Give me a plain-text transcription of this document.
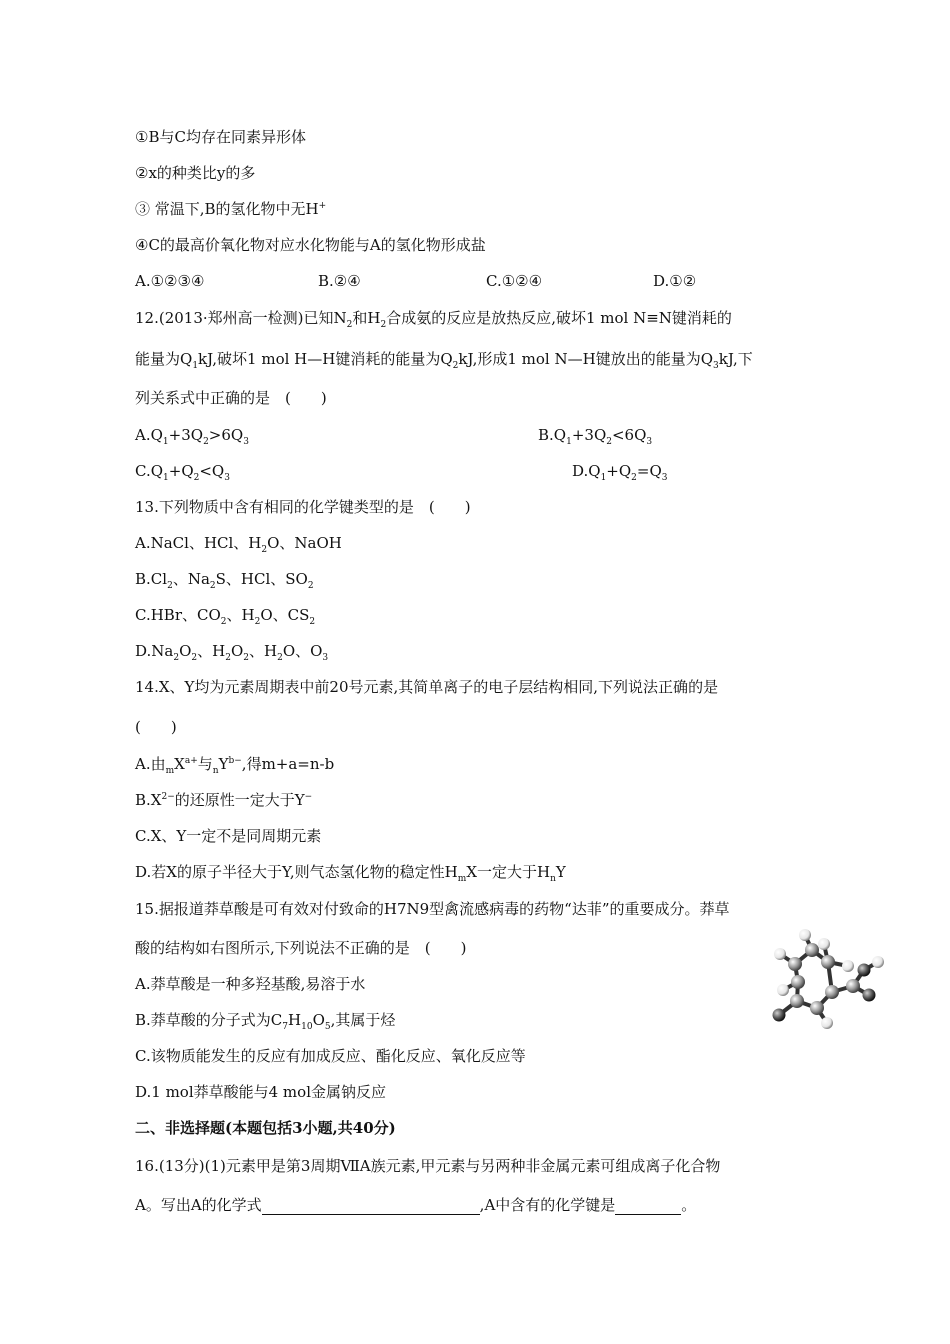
①B与C均存在同素异形体
②x的种类比y的多
③ 常温下,B的氢化物中无H+
④C的最高价氧化物对应水化物能与A的氢化物形成盐
A.①②③④	B.②④	C.①②④	D.①②
12.(2013·郑州高一检测)已知$N_2$和$H_2$合成氨的反应是放热反应,破坏1 mol N≡N键消耗的
能量为$Q_1kJ$,破坏1 mol H—H键消耗的能量为$Q_2kJ$,形成1 mol N—H键放出的能量为$Q_3kJ$,下
列关系式中正确的是　(　　)
$A.Q_1+3Q_2>6Q_3$	$B.Q_1+3Q_2<6Q_3$
$C.Q_1+Q_2<Q_3$	$D.Q_1+Q_2=Q_3$
13.下列物质中含有相同的化学键类型的是　(　　)
A.NaCl、HCl、$H_2O$、NaOH
$B.Cl_2$、$Na_2S$、HCl、$SO_2$
C.HBr、$CO_2$、$H_2O$、$CS_2$
$D.Na_2O_2$、$H_2O_2$、$H_2O$、$O_3$
14.X、Y均为元素周期表中前20号元素,其简单离子的电子层结构相同,下列说法正确的是
(　　)
A.由$_mX^{a+}$与$_nY^{b-}$,得m+a=n-b
$B.X^{2-}$的还原性一定大于Y−
C.X、Y一定不是同周期元素
D.若X的原子半径大于Y,则气态氢化物的稳定性$H_mX$一定大于$H_nY$
15.据报道莽草酸是可有效对付致命的H7N9型禽流感病毒的药物“达菲”的重要成分。莽草
酸的结构如右图所示,下列说法不正确的是　(　　)
A.莽草酸是一种多羟基酸,易溶于水
B.莽草酸的分子式为$C_7H_{10}O_5$,其属于烃
C.该物质能发生的反应有加成反应、酯化反应、氧化反应等
D.1 mol莽草酸能与4 mol金属钠反应
二、非选择题(本题包括3小题,共40分)
16.(13分)(1)元素甲是第3周期ⅦA族元素,甲元素与另两种非金属元素可组成离子化合物
A。写出A的化学式	,A中含有的化学键是	。
